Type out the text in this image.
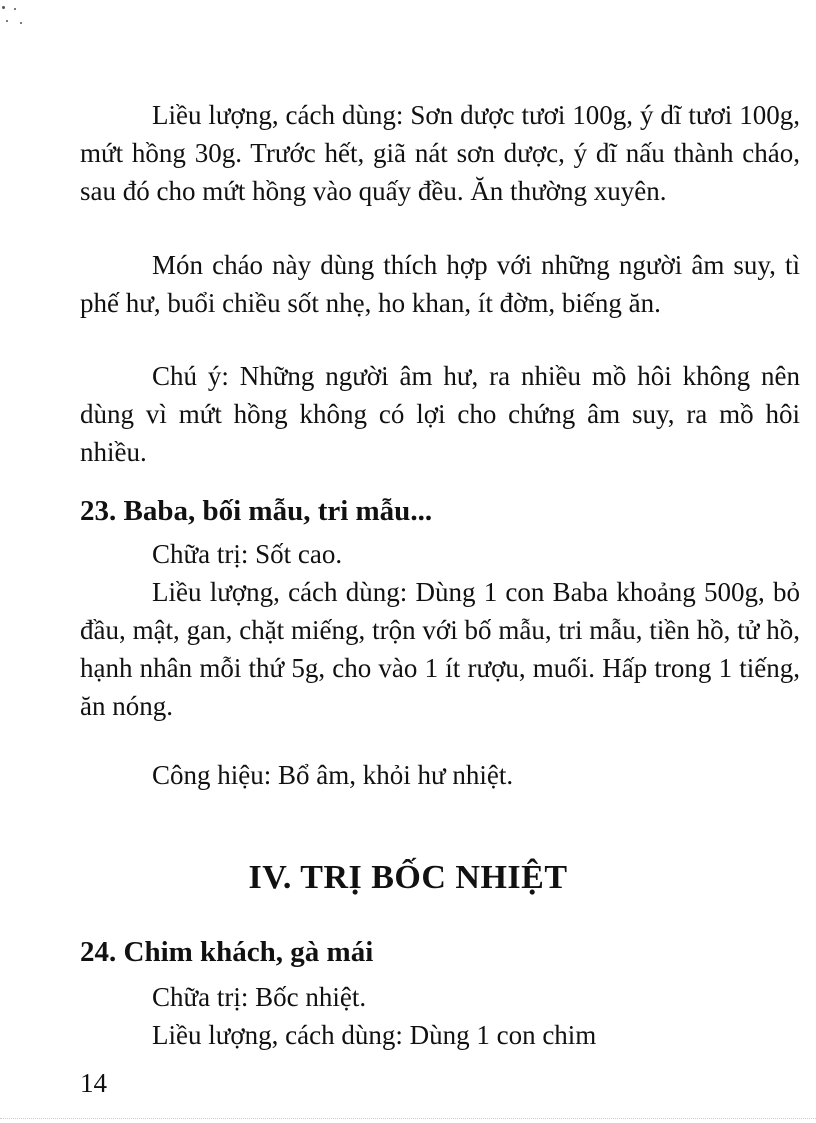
Liều lượng, cách dùng: Sơn dược tươi 100g, ý dĩ tươi 100g, mứt hồng 30g. Trước hết, giã nát sơn dược, ý dĩ nấu thành cháo, sau đó cho mứt hồng vào quấy đều. Ăn thường xuyên.

Món cháo này dùng thích hợp với những người âm suy, tì phế hư, buổi chiều sốt nhẹ, ho khan, ít đờm, biếng ăn.

Chú ý: Những người âm hư, ra nhiều mồ hôi không nên dùng vì mứt hồng không có lợi cho chứng âm suy, ra mồ hôi nhiều.

23. Baba, bối mẫu, tri mẫu...

Chữa trị: Sốt cao.

Liều lượng, cách dùng: Dùng 1 con Baba khoảng 500g, bỏ đầu, mật, gan, chặt miếng, trộn với bố mẫu, tri mẫu, tiền hồ, tử hồ, hạnh nhân mỗi thứ 5g, cho vào 1 ít rượu, muối. Hấp trong 1 tiếng, ăn nóng.

Công hiệu: Bổ âm, khỏi hư nhiệt.

IV. TRỊ BỐC NHIỆT
24. Chim khách, gà mái

Chữa trị: Bốc nhiệt.

Liều lượng, cách dùng: Dùng 1 con chim

14
